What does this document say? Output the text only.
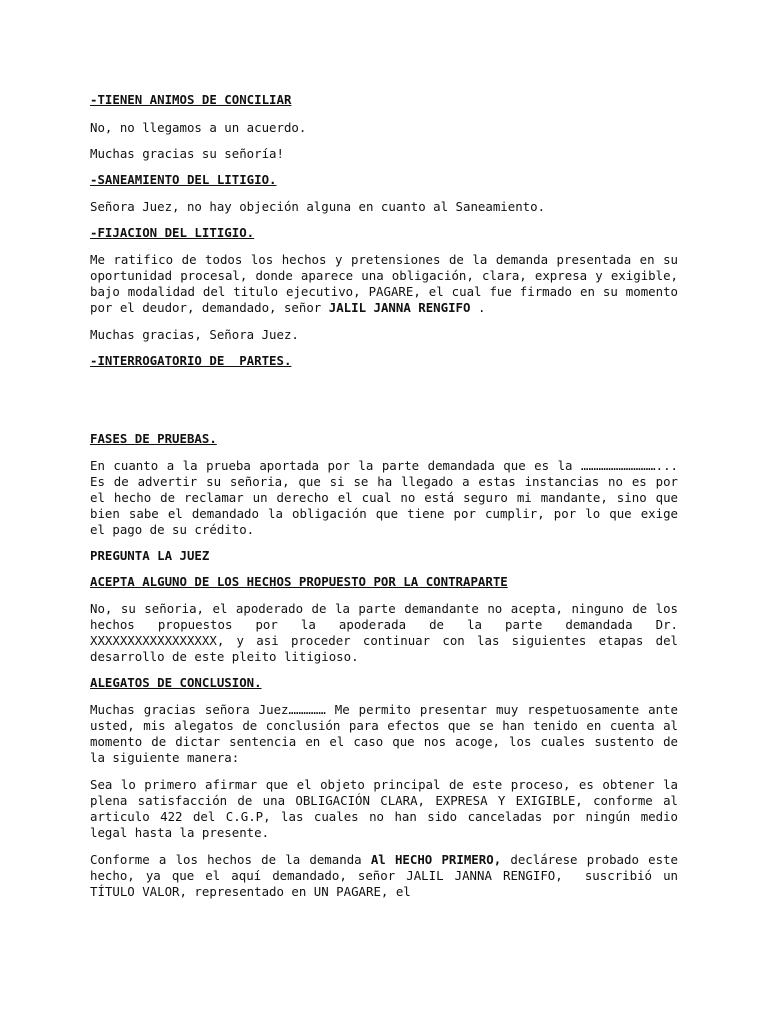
-TIENEN ANIMOS DE CONCILIAR

No, no llegamos a un acuerdo.

Muchas gracias su señoría!

-SANEAMIENTO DEL LITIGIO.

Señora Juez, no hay objeción alguna en cuanto al Saneamiento.

-FIJACION DEL LITIGIO.

Me ratifico de todos los hechos y pretensiones de la demanda presentada en su oportunidad procesal, donde aparece una obligación, clara, expresa y exigible, bajo modalidad del titulo ejecutivo, PAGARE, el cual fue firmado en su momento por el deudor, demandado, señor JALIL JANNA RENGIFO .

Muchas gracias, Señora Juez.

-INTERROGATORIO DE  PARTES.

FASES DE PRUEBAS.

En cuanto a la prueba aportada por la parte demandada que es la …………………………... Es de advertir su señoria, que si se ha llegado a estas instancias no es por el hecho de reclamar un derecho el cual no está seguro mi mandante, sino que bien sabe el demandado la obligación que tiene por cumplir, por lo que exige el pago de su crédito.

PREGUNTA LA JUEZ

ACEPTA ALGUNO DE LOS HECHOS PROPUESTO POR LA CONTRAPARTE

No, su señoria, el apoderado de la parte demandante no acepta, ninguno de los hechos propuestos por la apoderada de la parte demandada Dr. XXXXXXXXXXXXXXXXX, y asi proceder continuar con las siguientes etapas del desarrollo de este pleito litigioso.

ALEGATOS DE CONCLUSION.

Muchas gracias señora Juez…………… Me permito presentar muy respetuosamente ante usted, mis alegatos de conclusión para efectos que se han tenido en cuenta al momento de dictar sentencia en el caso que nos acoge, los cuales sustento de la siguiente manera:

Sea lo primero afirmar que el objeto principal de este proceso, es obtener la plena satisfacción de una OBLIGACIÓN CLARA, EXPRESA Y EXIGIBLE, conforme al articulo 422 del C.G.P, las cuales no han sido canceladas por ningún medio legal hasta la presente.

Conforme a los hechos de la demanda Al HECHO PRIMERO, declárese probado este hecho, ya que el aquí demandado, señor JALIL JANNA RENGIFO,  suscribió un TÍTULO VALOR, representado en UN PAGARE, el
